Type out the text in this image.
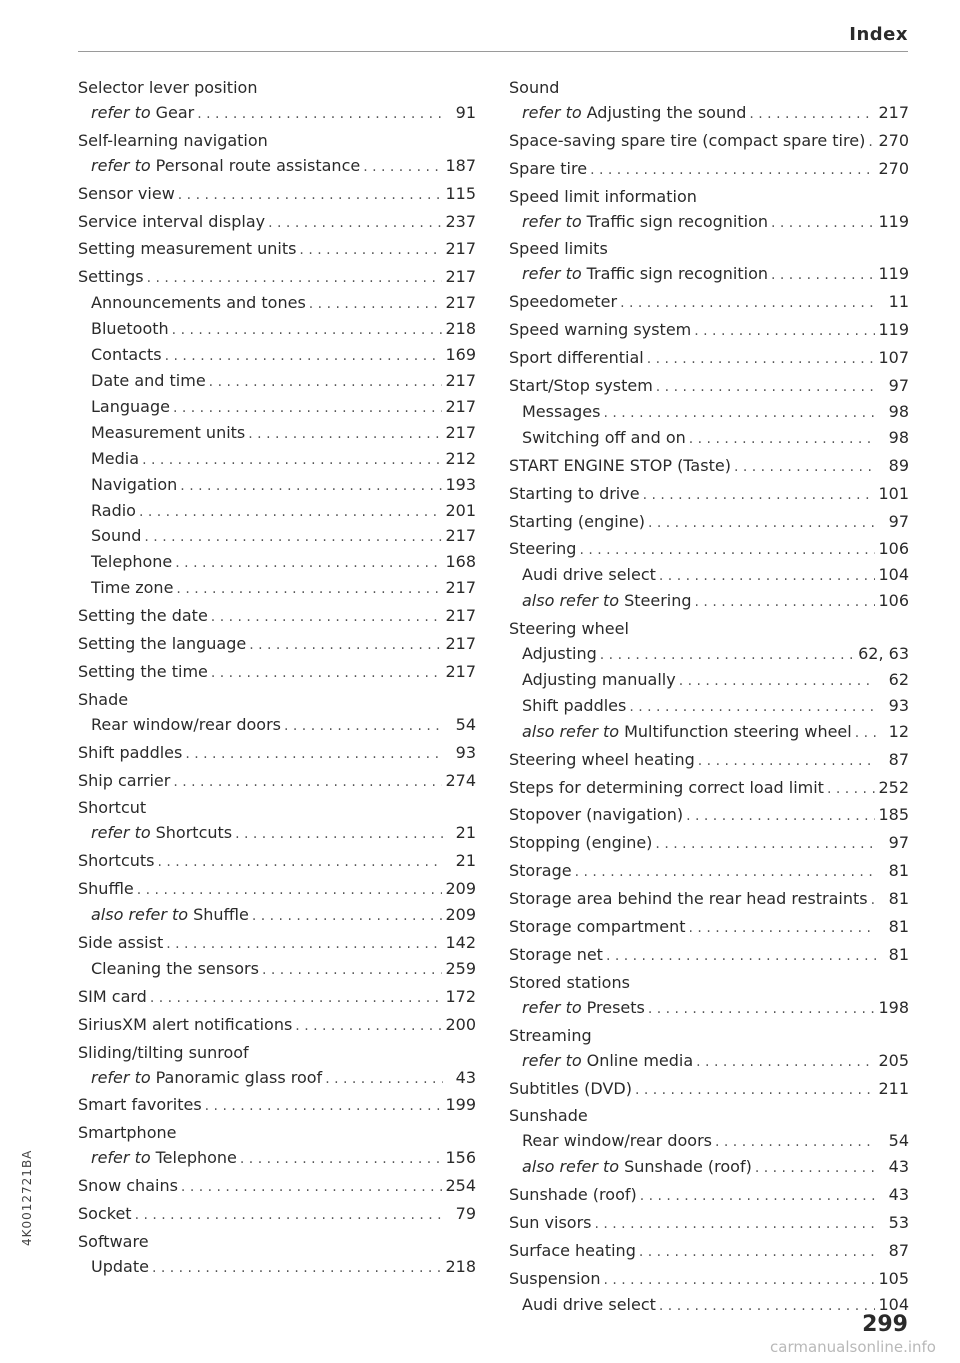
Index
Selector lever position
refer to Gear . . .	91
Self-learning navigation
refer to Personal route assistance . . .	187
Sensor view . . .	115
Service interval display . . .	237
Setting measurement units . . .	217
Settings . . .	217
Announcements and tones . . .	217
Bluetooth . . .	218
Contacts . . .	169
Date and time . . .	217
Language . . .	217
Measurement units . . .	217
Media . . .	212
Navigation . . .	193
Radio . . .	201
Sound . . .	217
Telephone . . .	168
Time zone . . .	217
Setting the date . . .	217
Setting the language . . .	217
Setting the time . . .	217
Shade
Rear window/rear doors . . .	54
Shift paddles . . .	93
Ship carrier . . .	274
Shortcut
refer to Shortcuts . . .	21
Shortcuts . . .	21
Shuffle . . .	209
also refer to Shuffle . . .	209
Side assist . . .	142
Cleaning the sensors . . .	259
SIM card . . .	172
SiriusXM alert notifications . . .	200
Sliding/tilting sunroof
refer to Panoramic glass roof . . .	43
Smart favorites . . .	199
Smartphone
refer to Telephone . . .	156
Snow chains . . .	254
Socket . . .	79
Software
Update . . .	218
Sound
refer to Adjusting the sound . . .	217
Space-saving spare tire (compact spare tire) . . . 270
Spare tire . . .	270
Speed limit information
refer to Traffic sign recognition . . .	119
Speed limits
refer to Traffic sign recognition . . .	119
Speedometer . . .	11
Speed warning system . . .	119
Sport differential . . .	107
Start/Stop system . . .	97
Messages . . .	98
Switching off and on . . .	98
START ENGINE STOP (Taste) . . .	89
Starting to drive . . .	101
Starting (engine) . . .	97
Steering . . .	106
Audi drive select . . .	104
also refer to Steering . . .	106
Steering wheel
Adjusting . . .	62, 63
Adjusting manually . . .	62
Shift paddles . . .	93
also refer to Multifunction steering wheel . . .	12
Steering wheel heating . . .	87
Steps for determining correct load limit . . .	252
Stopover (navigation) . . .	185
Stopping (engine) . . .	97
Storage . . .	81
Storage area behind the rear head restraints . . .	81
Storage compartment . . .	81
Storage net . . .	81
Stored stations
refer to Presets . . .	198
Streaming
refer to Online media . . .	205
Subtitles (DVD) . . .	211
Sunshade
Rear window/rear doors . . .	54
also refer to Sunshade (roof) . . .	43
Sunshade (roof) . . .	43
Sun visors . . .	53
Surface heating . . .	87
Suspension . . .	105
Audi drive select . . .	104
4K0012721BA
299
carmanualsonline.info
